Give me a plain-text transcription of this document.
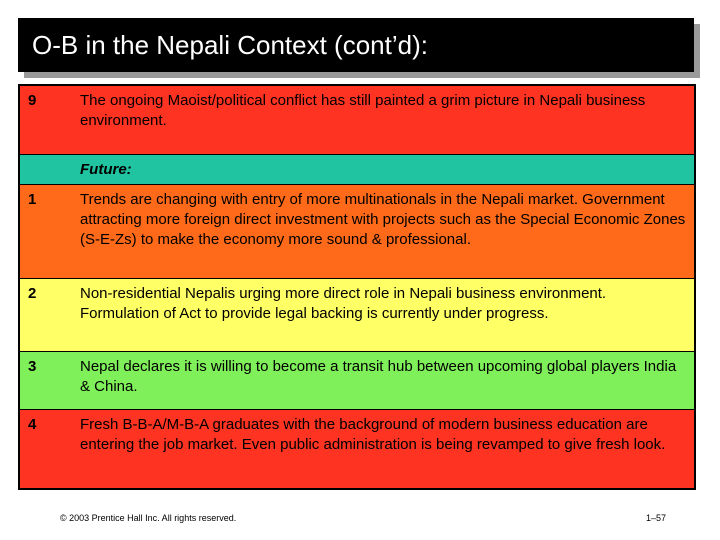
O-B in the Nepali Context (cont’d):
9	The ongoing Maoist/political conflict has still painted a grim picture in Nepali business environment.
Future:
1	Trends are changing with entry of more multinationals in the Nepali market. Government attracting more foreign direct investment with projects such as the Special Economic Zones (S-E-Zs) to make the economy more sound & professional.
2	Non-residential Nepalis urging more direct role in Nepali business environment. Formulation of Act to provide legal backing is currently under progress.
3	Nepal declares it is willing to become a transit hub between upcoming global players India & China.
4	Fresh B-B-A/M-B-A graduates with the background of modern business education are entering the job market. Even public administration is being revamped to give fresh look.
© 2003 Prentice Hall Inc. All rights reserved.	1–57
